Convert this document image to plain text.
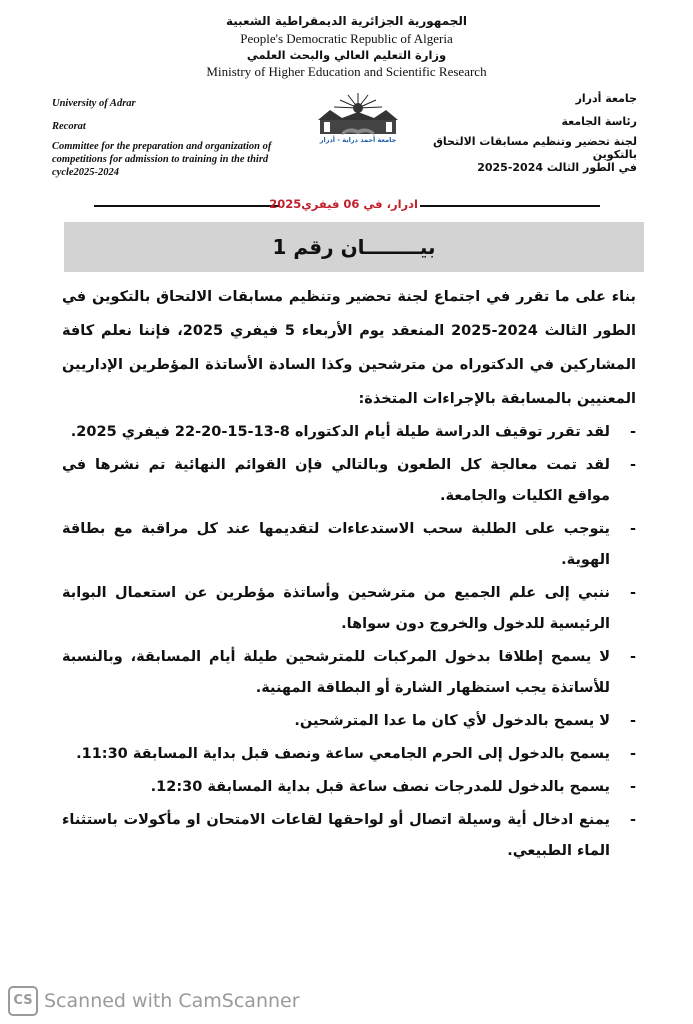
الجمهورية الجزائرية الديمقراطية الشعبية
People's Democratic Republic of Algeria
وزارة التعليم العالي والبحث العلمي
Ministry of Higher Education and Scientific Research
University of Adrar
Recorat
Committee for the preparation and organization of competitions for admission to training in the third cycle2025-2024
جامعة أدرار
رئاسة الجامعة
لجنة تحضير وتنظيم مسابقات الالتحاق بالتكوين
في الطور الثالث 2024-2025
جامعة أحمد دراية - أدرار
ادرار، في 06 فيفري2025
بيــــــــان رقم 1
بناء على ما تقرر في اجتماع لجنة تحضير وتنظيم مسابقات الالتحاق بالتكوين في الطور الثالث 2024-2025 المنعقد يوم الأربعاء 5 فيفري 2025، فإننا نعلم كافة المشاركين في الدكتوراه من مترشحين وكذا السادة الأساتذة المؤطرين الإداريين المعنيين بالمسابقة بالإجراءات المتخذة:
-
لقد تقرر توقيف الدراسة طيلة أيام الدكتوراه 8-13-15-20-22 فيفري 2025.
-
لقد تمت معالجة كل الطعون وبالتالي فإن القوائم النهائية تم نشرها في مواقع الكليات والجامعة.
-
يتوجب على الطلبة سحب الاستدعاءات لتقديمها عند كل مراقبة مع بطاقة الهوية.
-
ننبي إلى علم الجميع من مترشحين وأساتذة مؤطرين عن استعمال البوابة الرئيسية للدخول والخروج دون سواها.
-
لا يسمح إطلاقا بدخول المركبات للمترشحين طيلة أيام المسابقة، وبالنسبة للأساتذة يجب استظهار الشارة أو البطاقة المهنية.
-
لا يسمح بالدخول لأي كان ما عدا المترشحين.
-
يسمح بالدخول إلى الحرم الجامعي ساعة ونصف قبل بداية المسابقة 11:30.
-
يسمح بالدخول للمدرجات نصف ساعة قبل بداية المسابقة 12:30.
-
يمنع ادخال أية وسيلة اتصال أو لواحقها لقاعات الامتحان او مأكولات باستثناء الماء الطبيعي.
CS Scanned with CamScanner
